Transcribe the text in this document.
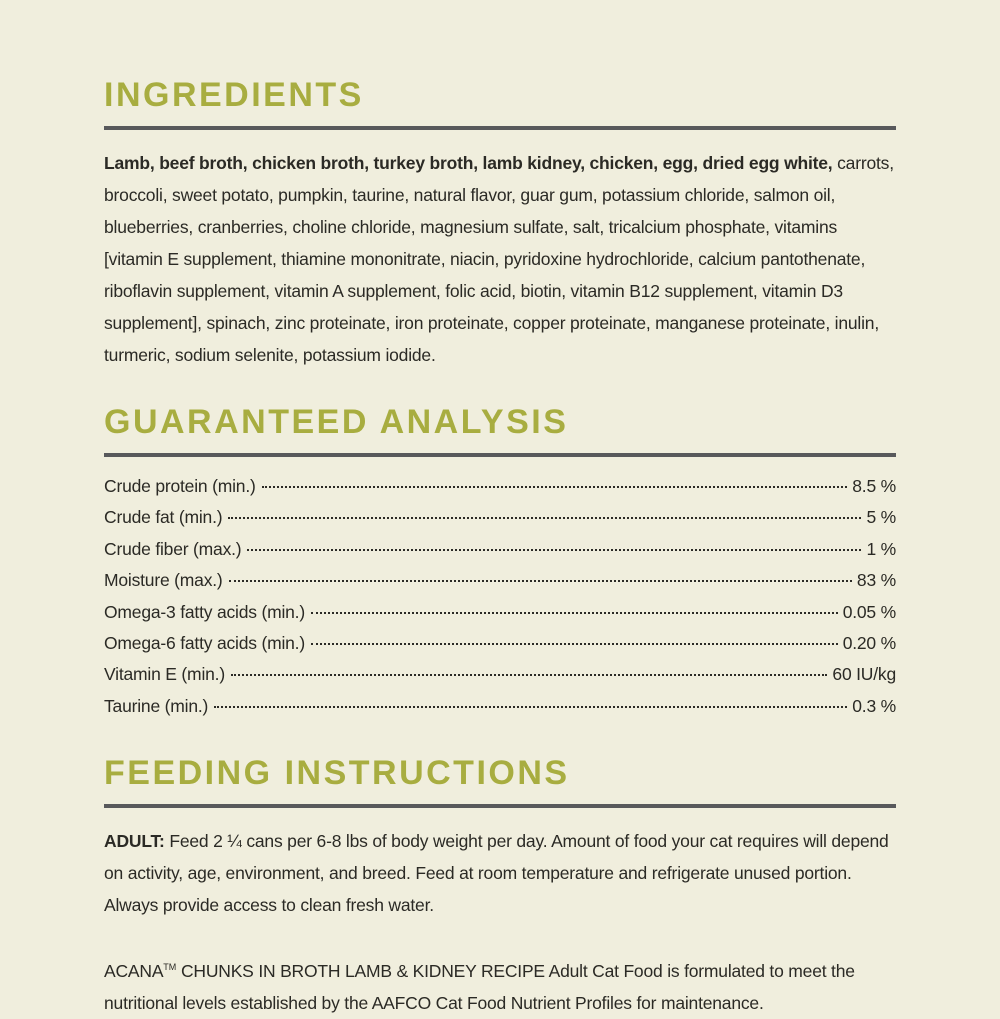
INGREDIENTS

Lamb, beef broth, chicken broth, turkey broth, lamb kidney, chicken, egg, dried egg white, carrots, broccoli, sweet potato, pumpkin, taurine, natural flavor, guar gum, potassium chloride, salmon oil, blueberries, cranberries, choline chloride, magnesium sulfate, salt, tricalcium phosphate, vitamins [vitamin E supplement, thiamine mononitrate, niacin, pyridoxine hydrochloride, calcium pantothenate, riboflavin supplement, vitamin A supplement, folic acid, biotin, vitamin B12 supplement, vitamin D3 supplement], spinach, zinc proteinate, iron proteinate, copper proteinate, manganese proteinate, inulin, turmeric, sodium selenite, potassium iodide.

GUARANTEED ANALYSIS
Crude protein (min.)	8.5 %
Crude fat (min.)	5 %
Crude fiber (max.)	1 %
Moisture (max.)	83 %
Omega-3 fatty acids (min.)	0.05 %
Omega-6 fatty acids (min.)	0.20 %
Vitamin E (min.)	60 IU/kg
Taurine (min.)	0.3 %
FEEDING INSTRUCTIONS

ADULT: Feed 2 ¼ cans per 6-8 lbs of body weight per day. Amount of food your cat requires will depend on activity, age, environment, and breed. Feed at room temperature and refrigerate unused portion. Always provide access to clean fresh water.

ACANA™ CHUNKS IN BROTH LAMB & KIDNEY RECIPE Adult Cat Food is formulated to meet the nutritional levels established by the AAFCO Cat Food Nutrient Profiles for maintenance.
